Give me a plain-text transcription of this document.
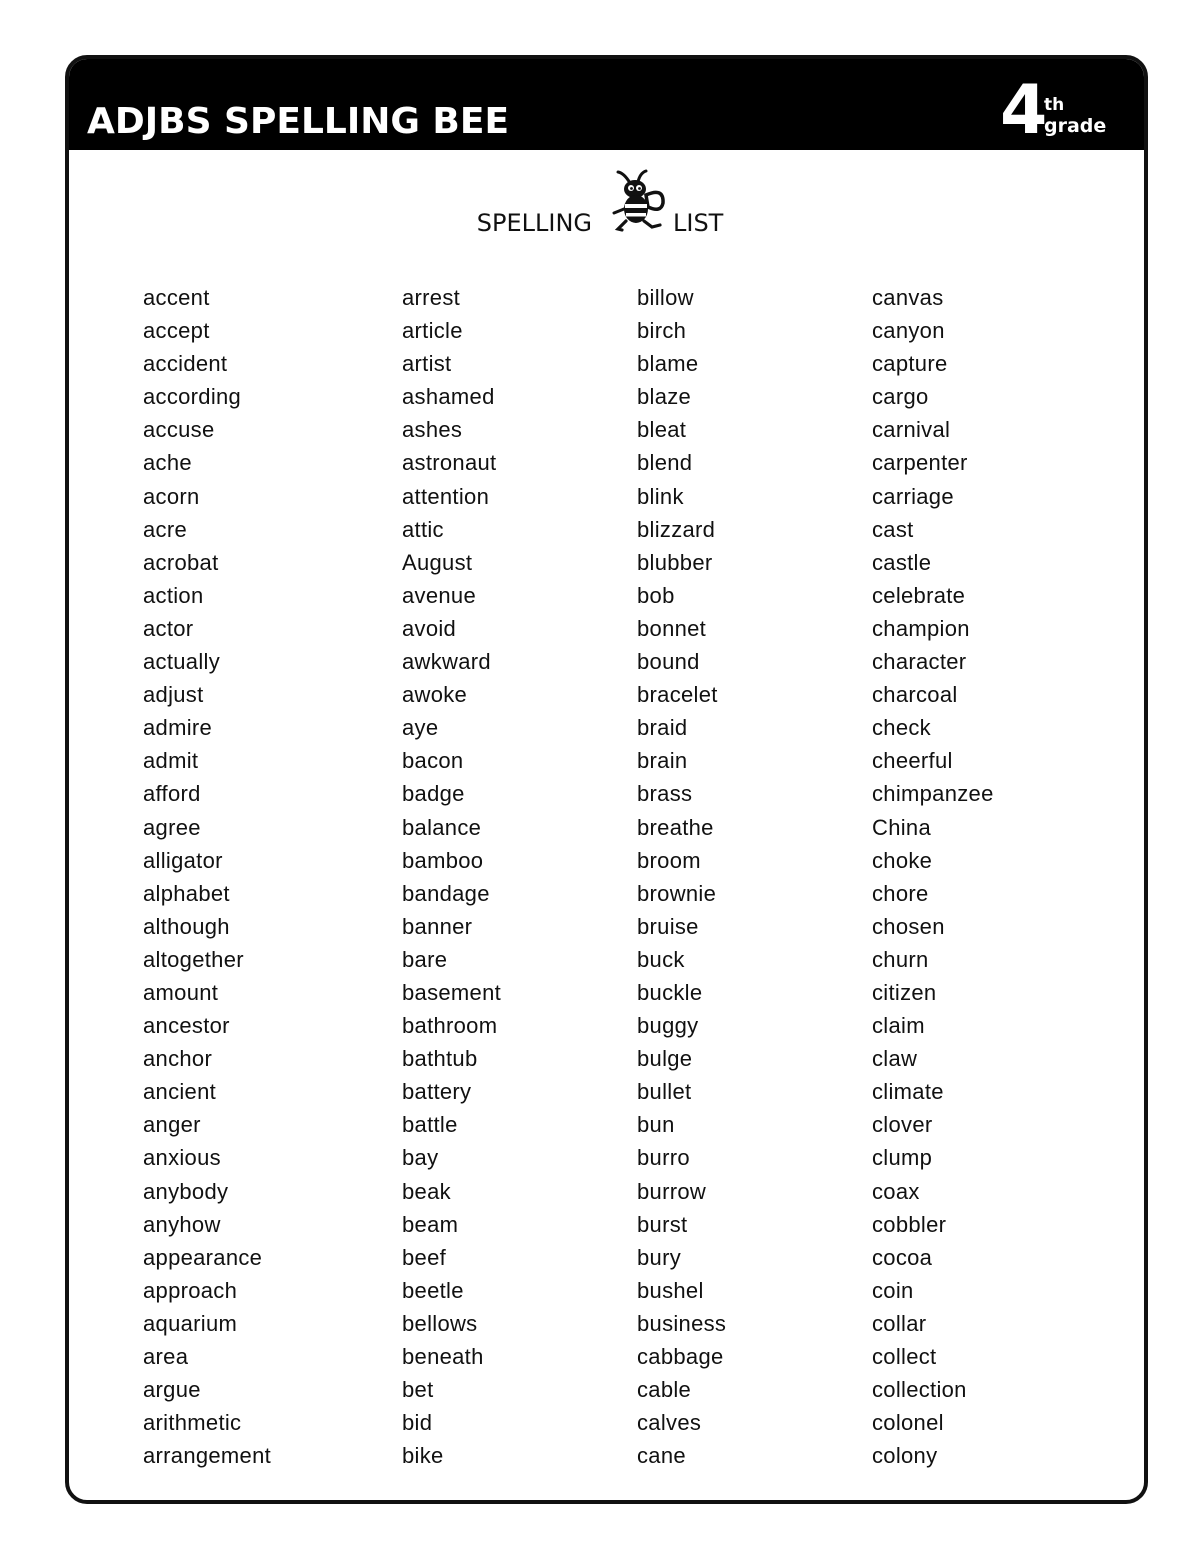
ADJBS SPELLING BEE	4
th
grade
SPELLING	LIST
accent
accept
accident
according
accuse
ache
acorn
acre
acrobat
action
actor
actually
adjust
admire
admit
afford
agree
alligator
alphabet
although
altogether
amount
ancestor
anchor
ancient
anger
anxious
anybody
anyhow
appearance
approach
aquarium
area
argue
arithmetic
arrangement
arrest
article
artist
ashamed
ashes
astronaut
attention
attic
August
avenue
avoid
awkward
awoke
aye
bacon
badge
balance
bamboo
bandage
banner
bare
basement
bathroom
bathtub
battery
battle
bay
beak
beam
beef
beetle
bellows
beneath
bet
bid
bike
billow
birch
blame
blaze
bleat
blend
blink
blizzard
blubber
bob
bonnet
bound
bracelet
braid
brain
brass
breathe
broom
brownie
bruise
buck
buckle
buggy
bulge
bullet
bun
burro
burrow
burst
bury
bushel
business
cabbage
cable
calves
cane
canvas
canyon
capture
cargo
carnival
carpenter
carriage
cast
castle
celebrate
champion
character
charcoal
check
cheerful
chimpanzee
China
choke
chore
chosen
churn
citizen
claim
claw
climate
clover
clump
coax
cobbler
cocoa
coin
collar
collect
collection
colonel
colony
